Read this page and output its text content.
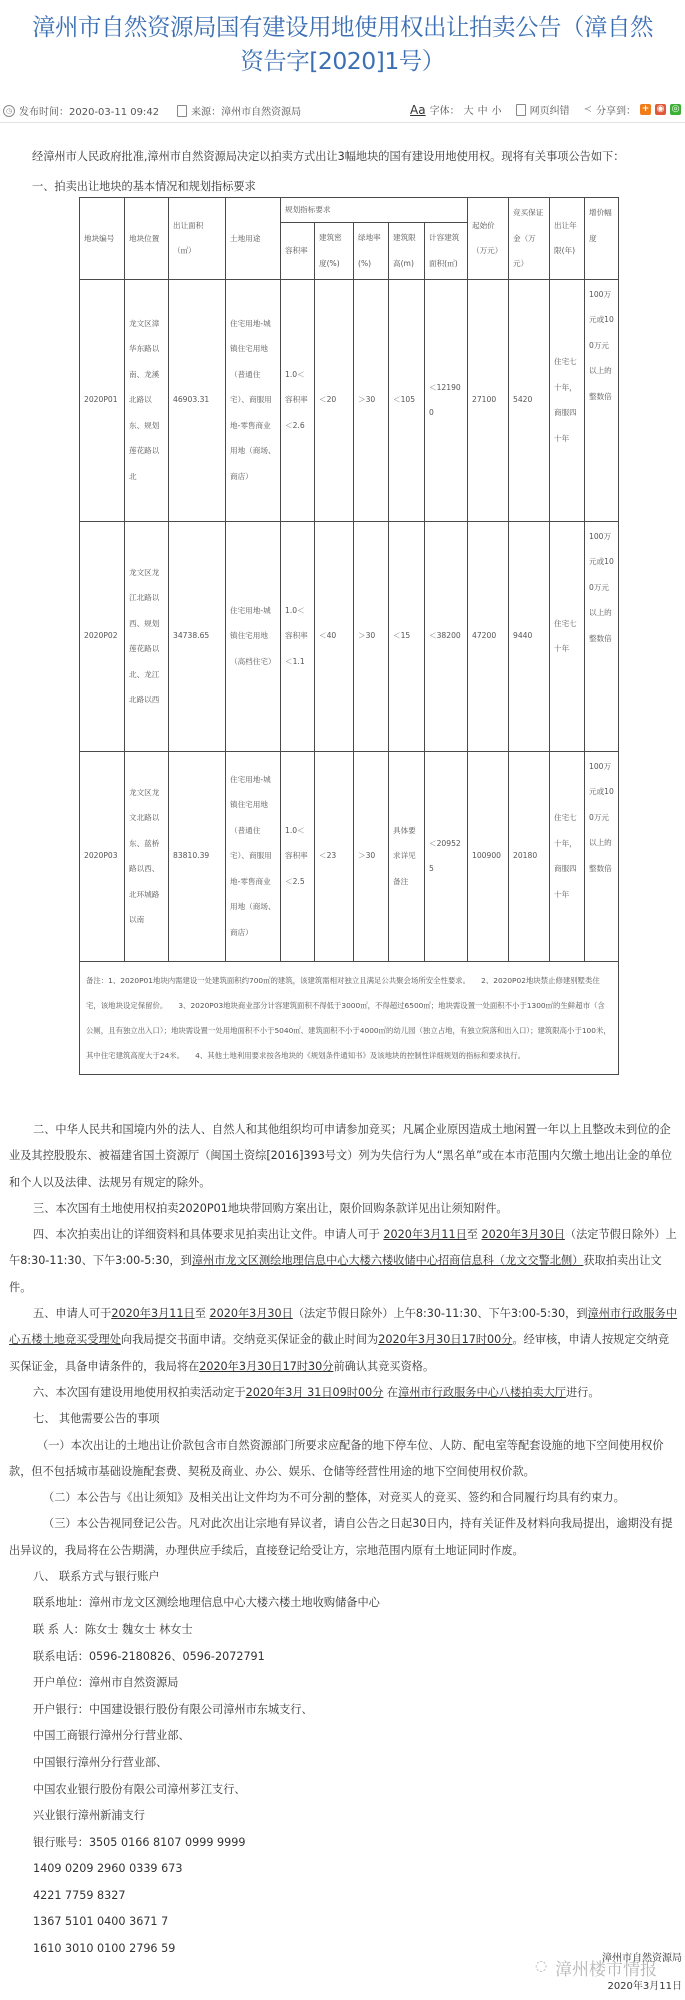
漳州市自然资源局国有建设用地使用权出让拍卖公告（漳自然资告字[2020]1号）
◷ 发布时间：2020-03-11 09:42	来源：漳州市自然资源局	Aa 字体： 大 中 小	网页纠错 ≺ 分享到： + ◉ ◎
经漳州市人民政府批准,漳州市自然资源局决定以拍卖方式出让3幅地块的国有建设用地使用权。现将有关事项公告如下：
一、拍卖出让地块的基本情况和规划指标要求
地块编号	地块位置	出让面积（㎡）	土地用途	规划指标要求					起始价（万元）	竞买保证金（万元）	出让年限(年)	增价幅度
				容积率	建筑密度(%)	绿地率(%)	建筑限高(m)	计容建筑面积(㎡)				
2020P01	龙文区漳华东路以南、龙溪北路以东、规划莲花路以北	46903.31	住宅用地-城镇住宅用地（普通住宅）、商服用地-零售商业用地（商场、商店）	1.0＜容积率＜2.6	＜20	＞30	＜105	＜121900	27100	5420	住宅七十年，商服四十年	100万元或100万元以上的整数倍
2020P02	龙文区龙江北路以西、规划莲花路以北、龙江北路以西	34738.65	住宅用地-城镇住宅用地（高档住宅）	1.0＜容积率＜1.1	＜40	＞30	＜15	＜38200	47200	9440	住宅七十年	100万元或100万元以上的整数倍
2020P03	龙文区龙文北路以东、蓝桥路以西、北环城路以南	83810.39	住宅用地-城镇住宅用地（普通住宅）、商服用地-零售商业用地（商场、商店）	1.0＜容积率＜2.5	＜23	＞30	具体要求详见备注	＜209525	100900	20180	住宅七十年，商服四十年	100万元或100万元以上的整数倍
备注：1、2020P01地块内需建设一处建筑面积约700㎡的建筑，该建筑需相对独立且满足公共聚会场所安全性要求。　　2、2020P02地块禁止修建别墅类住宅，该地块设定保留价。　　3、2020P03地块商业部分计容建筑面积不得低于3000㎡，不得超过6500㎡；地块需设置一处面积不小于1300㎡的生鲜超市（含公厕，且有独立出入口）；地块需设置一处用地面积不小于5040㎡、建筑面积不小于4000㎡的幼儿园（独立占地，有独立院落和出入口）；建筑限高小于100米，其中住宅建筑高度大于24米。　　4、其他土地利用要求按各地块的《规划条件通知书》及该地块的控制性详细规划的指标和要求执行。												
二、中华人民共和国境内外的法人、自然人和其他组织均可申请参加竞买；凡属企业原因造成土地闲置一年以上且整改未到位的企业及其控股股东、被福建省国土资源厅（闽国土资综[2016]393号文）列为失信行为人“黑名单”或在本市范围内欠缴土地出让金的单位和个人以及法律、法规另有规定的除外。
三、本次国有土地使用权拍卖2020P01地块带回购方案出让，限价回购条款详见出让须知附件。
四、本次拍卖出让的详细资料和具体要求见拍卖出让文件。申请人可于 2020年3月11日至 2020年3月30日（法定节假日除外）上午8:30-11:30、下午3:00-5:30，到漳州市龙文区测绘地理信息中心大楼六楼收储中心招商信息科（龙文交警北侧）获取拍卖出让文件。
五、申请人可于2020年3月11日至 2020年3月30日（法定节假日除外）上午8:30-11:30、下午3:00-5:30，到漳州市行政服务中心五楼土地竞买受理处向我局提交书面申请。交纳竞买保证金的截止时间为2020年3月30日17时00分。经审核，申请人按规定交纳竞买保证金，具备申请条件的，我局将在2020年3月30日17时30分前确认其竞买资格。
六、本次国有建设用地使用权拍卖活动定于2020年3月 31日09时00分 在漳州市行政服务中心八楼拍卖大厅进行。
七、 其他需要公告的事项
（一）本次出让的土地出让价款包含市自然资源部门所要求应配备的地下停车位、人防、配电室等配套设施的地下空间使用权价款，但不包括城市基础设施配套费、契税及商业、办公、娱乐、仓储等经营性用途的地下空间使用权价款。
（二）本公告与《出让须知》及相关出让文件均为不可分割的整体，对竞买人的竞买、签约和合同履行均具有约束力。
（三）本公告视同登记公告。凡对此次出让宗地有异议者，请自公告之日起30日内，持有关证件及材料向我局提出，逾期没有提出异议的，我局将在公告期满，办理供应手续后，直接登记给受让方，宗地范围内原有土地证同时作废。
八、 联系方式与银行账户
联系地址：漳州市龙文区测绘地理信息中心大楼六楼土地收购储备中心
联 系 人：陈女士 魏女士 林女士
联系电话：0596-2180826、0596-2072791
开户单位：漳州市自然资源局
开户银行：中国建设银行股份有限公司漳州市东城支行、
中国工商银行漳州分行营业部、
中国银行漳州分行营业部、
中国农业银行股份有限公司漳州芗江支行、
兴业银行漳州新浦支行
银行账号：3505 0166 8107 0999 9999
1409 0209 2960 0339 673
4221 7759 8327
1367 5101 0400 3671 7
1610 3010 0100 2796 59
◌ 漳州楼市情报
漳州市自然资源局
2020年3月11日
